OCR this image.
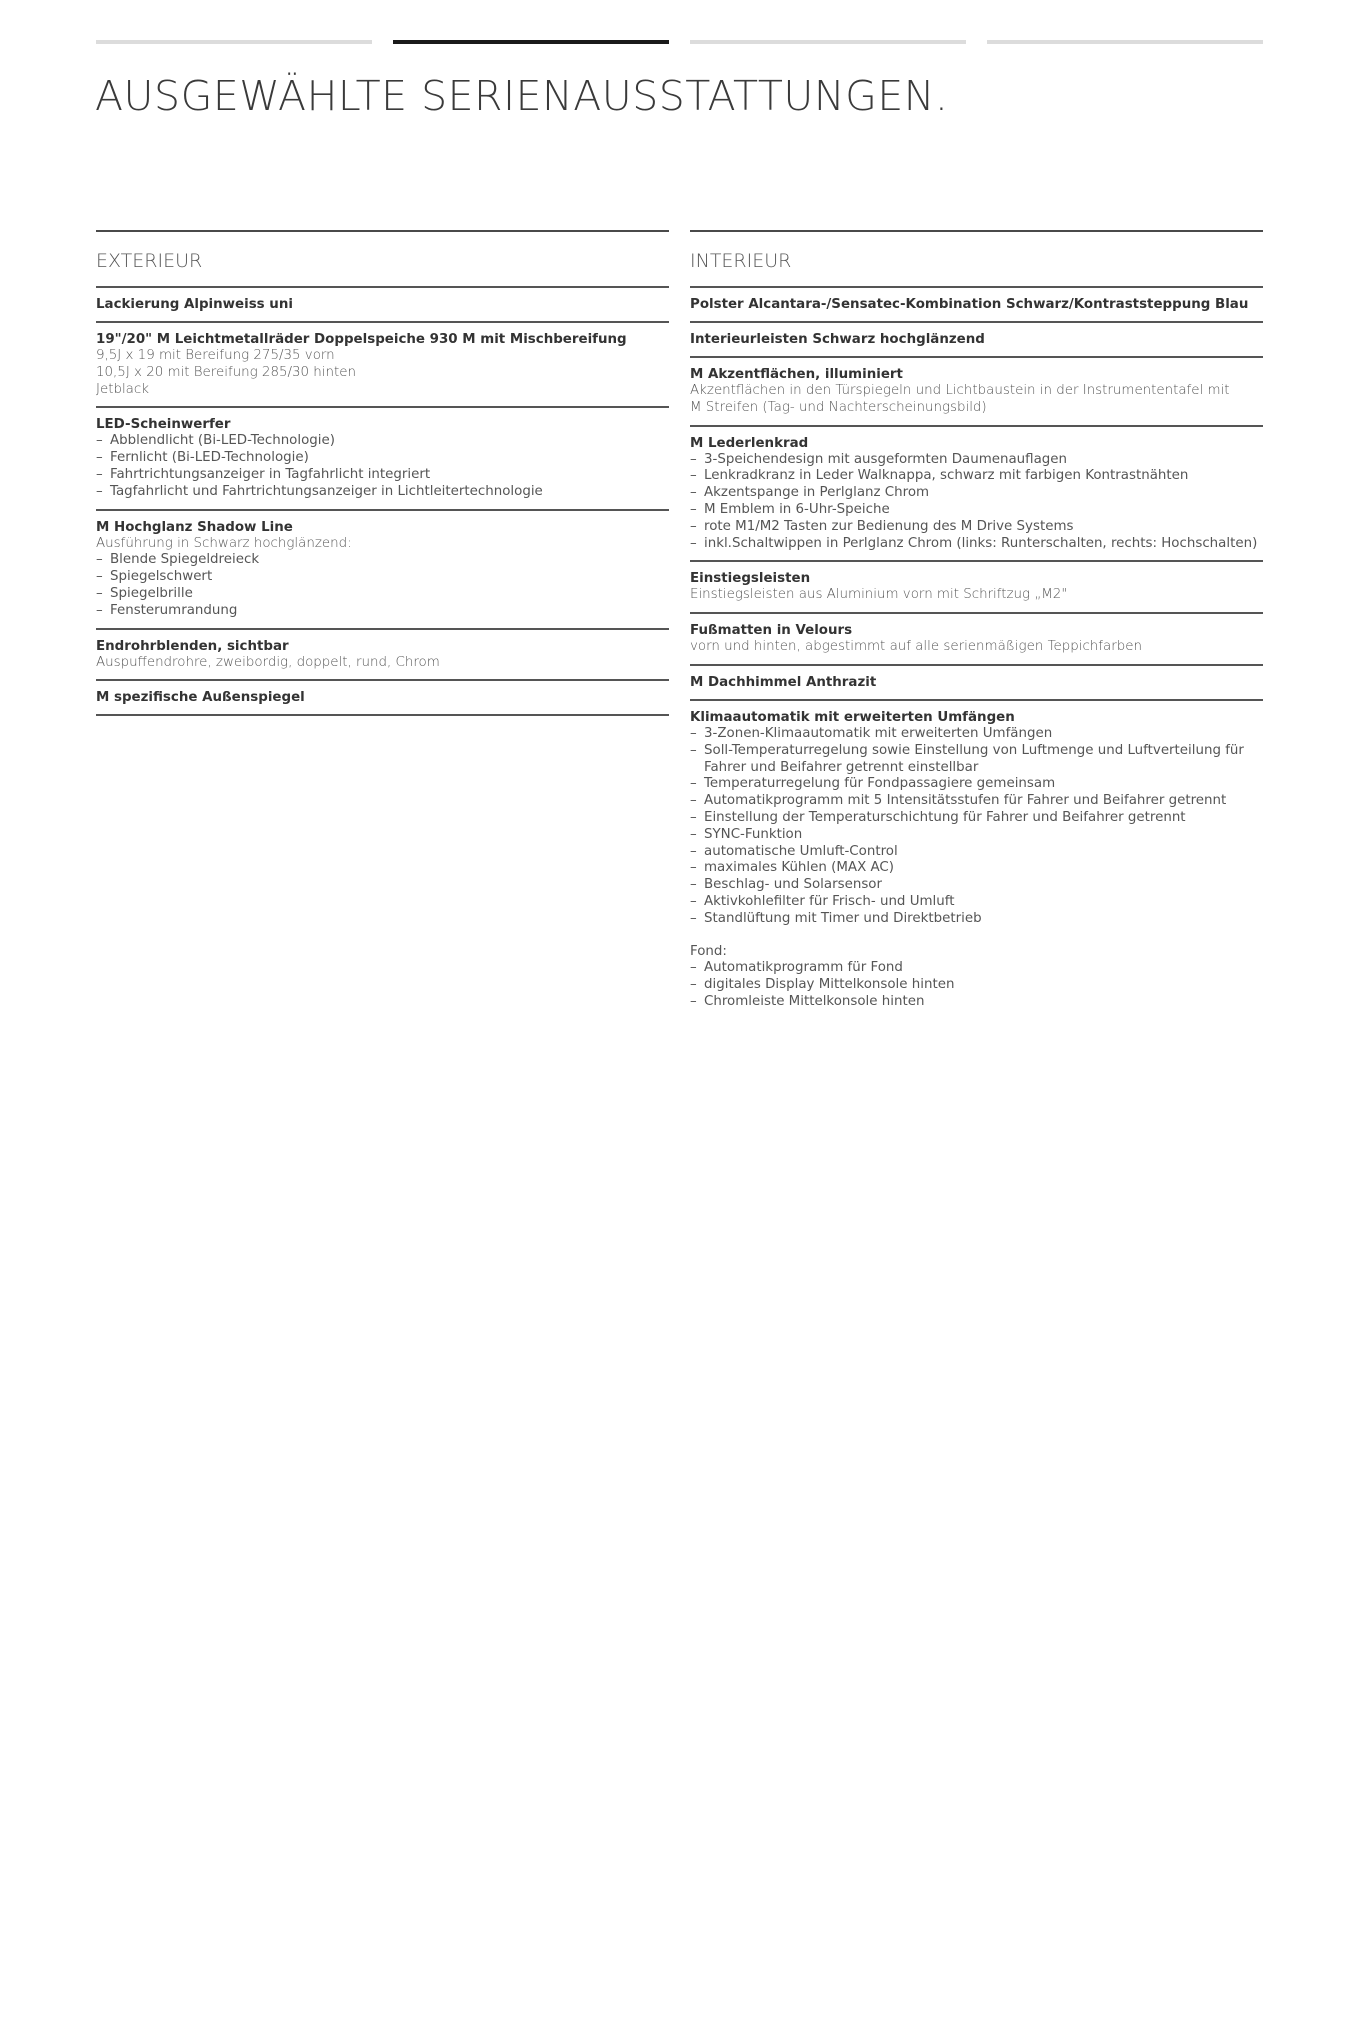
AUSGEWÄHLTE SERIENAUSSTATTUNGEN.
EXTERIEUR
Lackierung Alpinweiss uni
19"/20" M Leichtmetallräder Doppelspeiche 930 M mit Mischbereifung
9,5J x 19 mit Bereifung 275/35 vorn
10,5J x 20 mit Bereifung 285/30 hinten
Jetblack
LED-Scheinwerfer
– Abblendlicht (Bi-LED-Technologie)
– Fernlicht (Bi-LED-Technologie)
– Fahrtrichtungsanzeiger in Tagfahrlicht integriert
– Tagfahrlicht und Fahrtrichtungsanzeiger in Lichtleitertechnologie
M Hochglanz Shadow Line
Ausführung in Schwarz hochglänzend:
– Blende Spiegeldreieck
– Spiegelschwert
– Spiegelbrille
– Fensterumrandung
Endrohrblenden, sichtbar
Auspuffendrohre, zweibordig, doppelt, rund, Chrom
M spezifische Außenspiegel
INTERIEUR
Polster Alcantara-/Sensatec-Kombination Schwarz/Kontraststeppung Blau
Interieurleisten Schwarz hochglänzend
M Akzentflächen, illuminiert
Akzentflächen in den Türspiegeln und Lichtbaustein in der Instrumententafel mit
M Streifen (Tag- und Nachterscheinungsbild)
M Lederlenkrad
– 3-Speichendesign mit ausgeformten Daumenauflagen
– Lenkradkranz in Leder Walknappa, schwarz mit farbigen Kontrastnähten
– Akzentspange in Perlglanz Chrom
– M Emblem in 6-Uhr-Speiche
– rote M1/M2 Tasten zur Bedienung des M Drive Systems
– inkl.Schaltwippen in Perlglanz Chrom (links: Runterschalten, rechts: Hochschalten)
Einstiegsleisten
Einstiegsleisten aus Aluminium vorn mit Schriftzug „M2"
Fußmatten in Velours
vorn und hinten, abgestimmt auf alle serienmäßigen Teppichfarben
M Dachhimmel Anthrazit
Klimaautomatik mit erweiterten Umfängen
– 3-Zonen-Klimaautomatik mit erweiterten Umfängen
– Soll-Temperaturregelung sowie Einstellung von Luftmenge und Luftverteilung für Fahrer und Beifahrer getrennt einstellbar
– Temperaturregelung für Fondpassagiere gemeinsam
– Automatikprogramm mit 5 Intensitätsstufen für Fahrer und Beifahrer getrennt
– Einstellung der Temperaturschichtung für Fahrer und Beifahrer getrennt
– SYNC-Funktion
– automatische Umluft-Control
– maximales Kühlen (MAX AC)
– Beschlag- und Solarsensor
– Aktivkohlefilter für Frisch- und Umluft
– Standlüftung mit Timer und Direktbetrieb
Fond:
– Automatikprogramm für Fond
– digitales Display Mittelkonsole hinten
– Chromleiste Mittelkonsole hinten
